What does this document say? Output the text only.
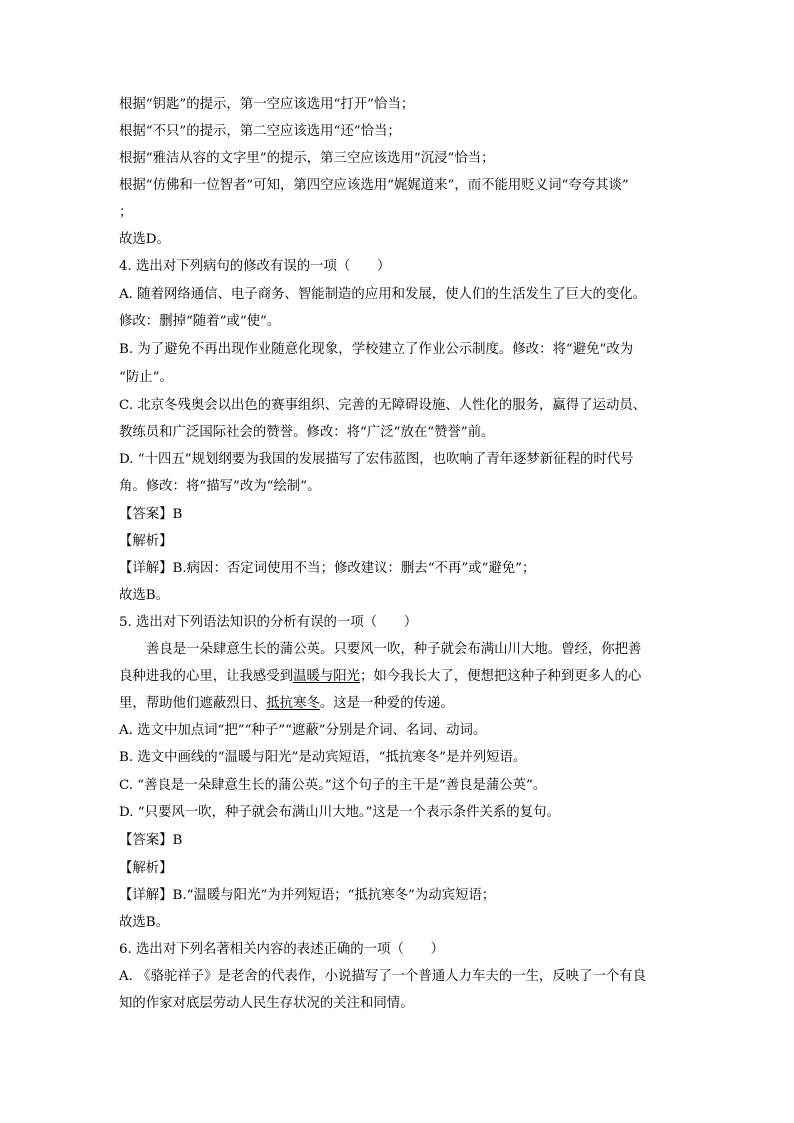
根据“钥匙”的提示，第一空应该选用“打开”恰当；
根据“不只”的提示，第二空应该选用“还”恰当；
根据“雅洁从容的文字里”的提示，第三空应该选用“沉浸”恰当；
根据“仿佛和一位智者”可知，第四空应该选用“娓娓道来”，而不能用贬义词“夸夸其谈”
；
故选D。
4. 选出对下列病句的修改有误的一项（　　）
A. 随着网络通信、电子商务、智能制造的应用和发展，使人们的生活发生了巨大的变化。
修改：删掉“随着”或“使”。
B. 为了避免不再出现作业随意化现象，学校建立了作业公示制度。修改：将“避免”改为
“防止”。
C. 北京冬残奥会以出色的赛事组织、完善的无障碍设施、人性化的服务，赢得了运动员、
教练员和广泛国际社会的赞誉。修改：将“广泛”放在“赞誉”前。
D. “十四五”规划纲要为我国的发展描写了宏伟蓝图，也吹响了青年逐梦新征程的时代号
角。修改：将“描写”改为“绘制”。
【答案】B
【解析】
【详解】B.病因：否定词使用不当；修改建议：删去“不再”或“避免”；
故选B。
5. 选出对下列语法知识的分析有误的一项（　　）
善良是一朵肆意生长的蒲公英。只要风一吹，种子就会布满山川大地。曾经，你把善
良种进我的心里，让我感受到温暖与阳光；如今我长大了，便想把这种子种到更多人的心
里，帮助他们遮蔽烈日、抵抗寒冬。这是一种爱的传递。
A. 选文中加点词“把”“种子”“遮蔽”分别是介词、名词、动词。
B. 选文中画线的“温暖与阳光”是动宾短语，“抵抗寒冬”是并列短语。
C. “善良是一朵肆意生长的蒲公英。”这个句子的主干是“善良是蒲公英”。
D. “只要风一吹，种子就会布满山川大地。”这是一个表示条件关系的复句。
【答案】B
【解析】
【详解】B.“温暖与阳光”为并列短语；“抵抗寒冬”为动宾短语；
故选B。
6. 选出对下列名著相关内容的表述正确的一项（　　）
A. 《骆驼祥子》是老舍的代表作，小说描写了一个普通人力车夫的一生，反映了一个有良
知的作家对底层劳动人民生存状况的关注和同情。
